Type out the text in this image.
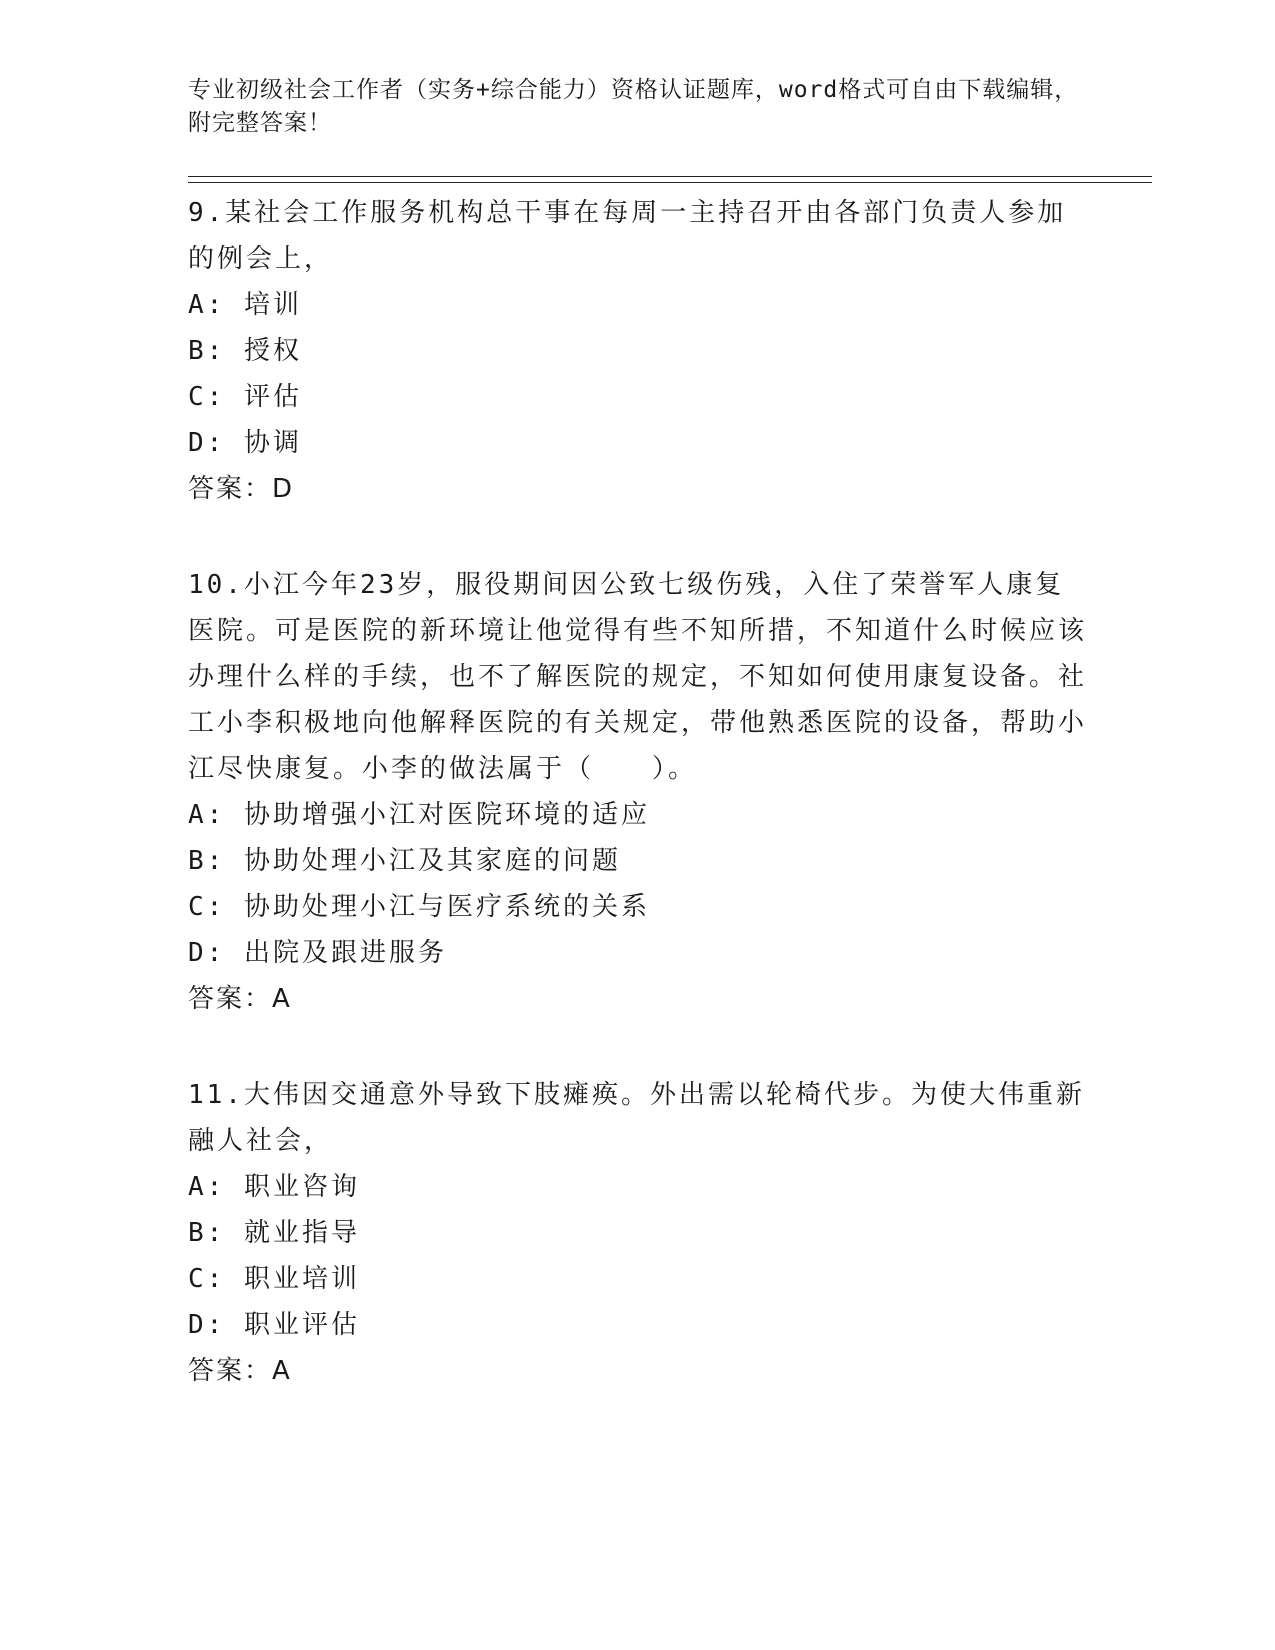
专业初级社会工作者（实务+综合能力）资格认证题库，word格式可自由下载编辑，附完整答案！
9.某社会工作服务机构总干事在每周一主持召开由各部门负责人参加的例会上，
A: 培训
B: 授权
C: 评估
D: 协调
答案：D
10.小江今年23岁，服役期间因公致七级伤残，入住了荣誉军人康复医院。可是医院的新环境让他觉得有些不知所措，不知道什么时候应该办理什么样的手续，也不了解医院的规定，不知如何使用康复设备。社工小李积极地向他解释医院的有关规定，带他熟悉医院的设备，帮助小江尽快康复。小李的做法属于（　　）。
A: 协助增强小江对医院环境的适应
B: 协助处理小江及其家庭的问题
C: 协助处理小江与医疗系统的关系
D: 出院及跟进服务
答案：A
11.大伟因交通意外导致下肢瘫痪。外出需以轮椅代步。为使大伟重新融人社会，
A: 职业咨询
B: 就业指导
C: 职业培训
D: 职业评估
答案：A
